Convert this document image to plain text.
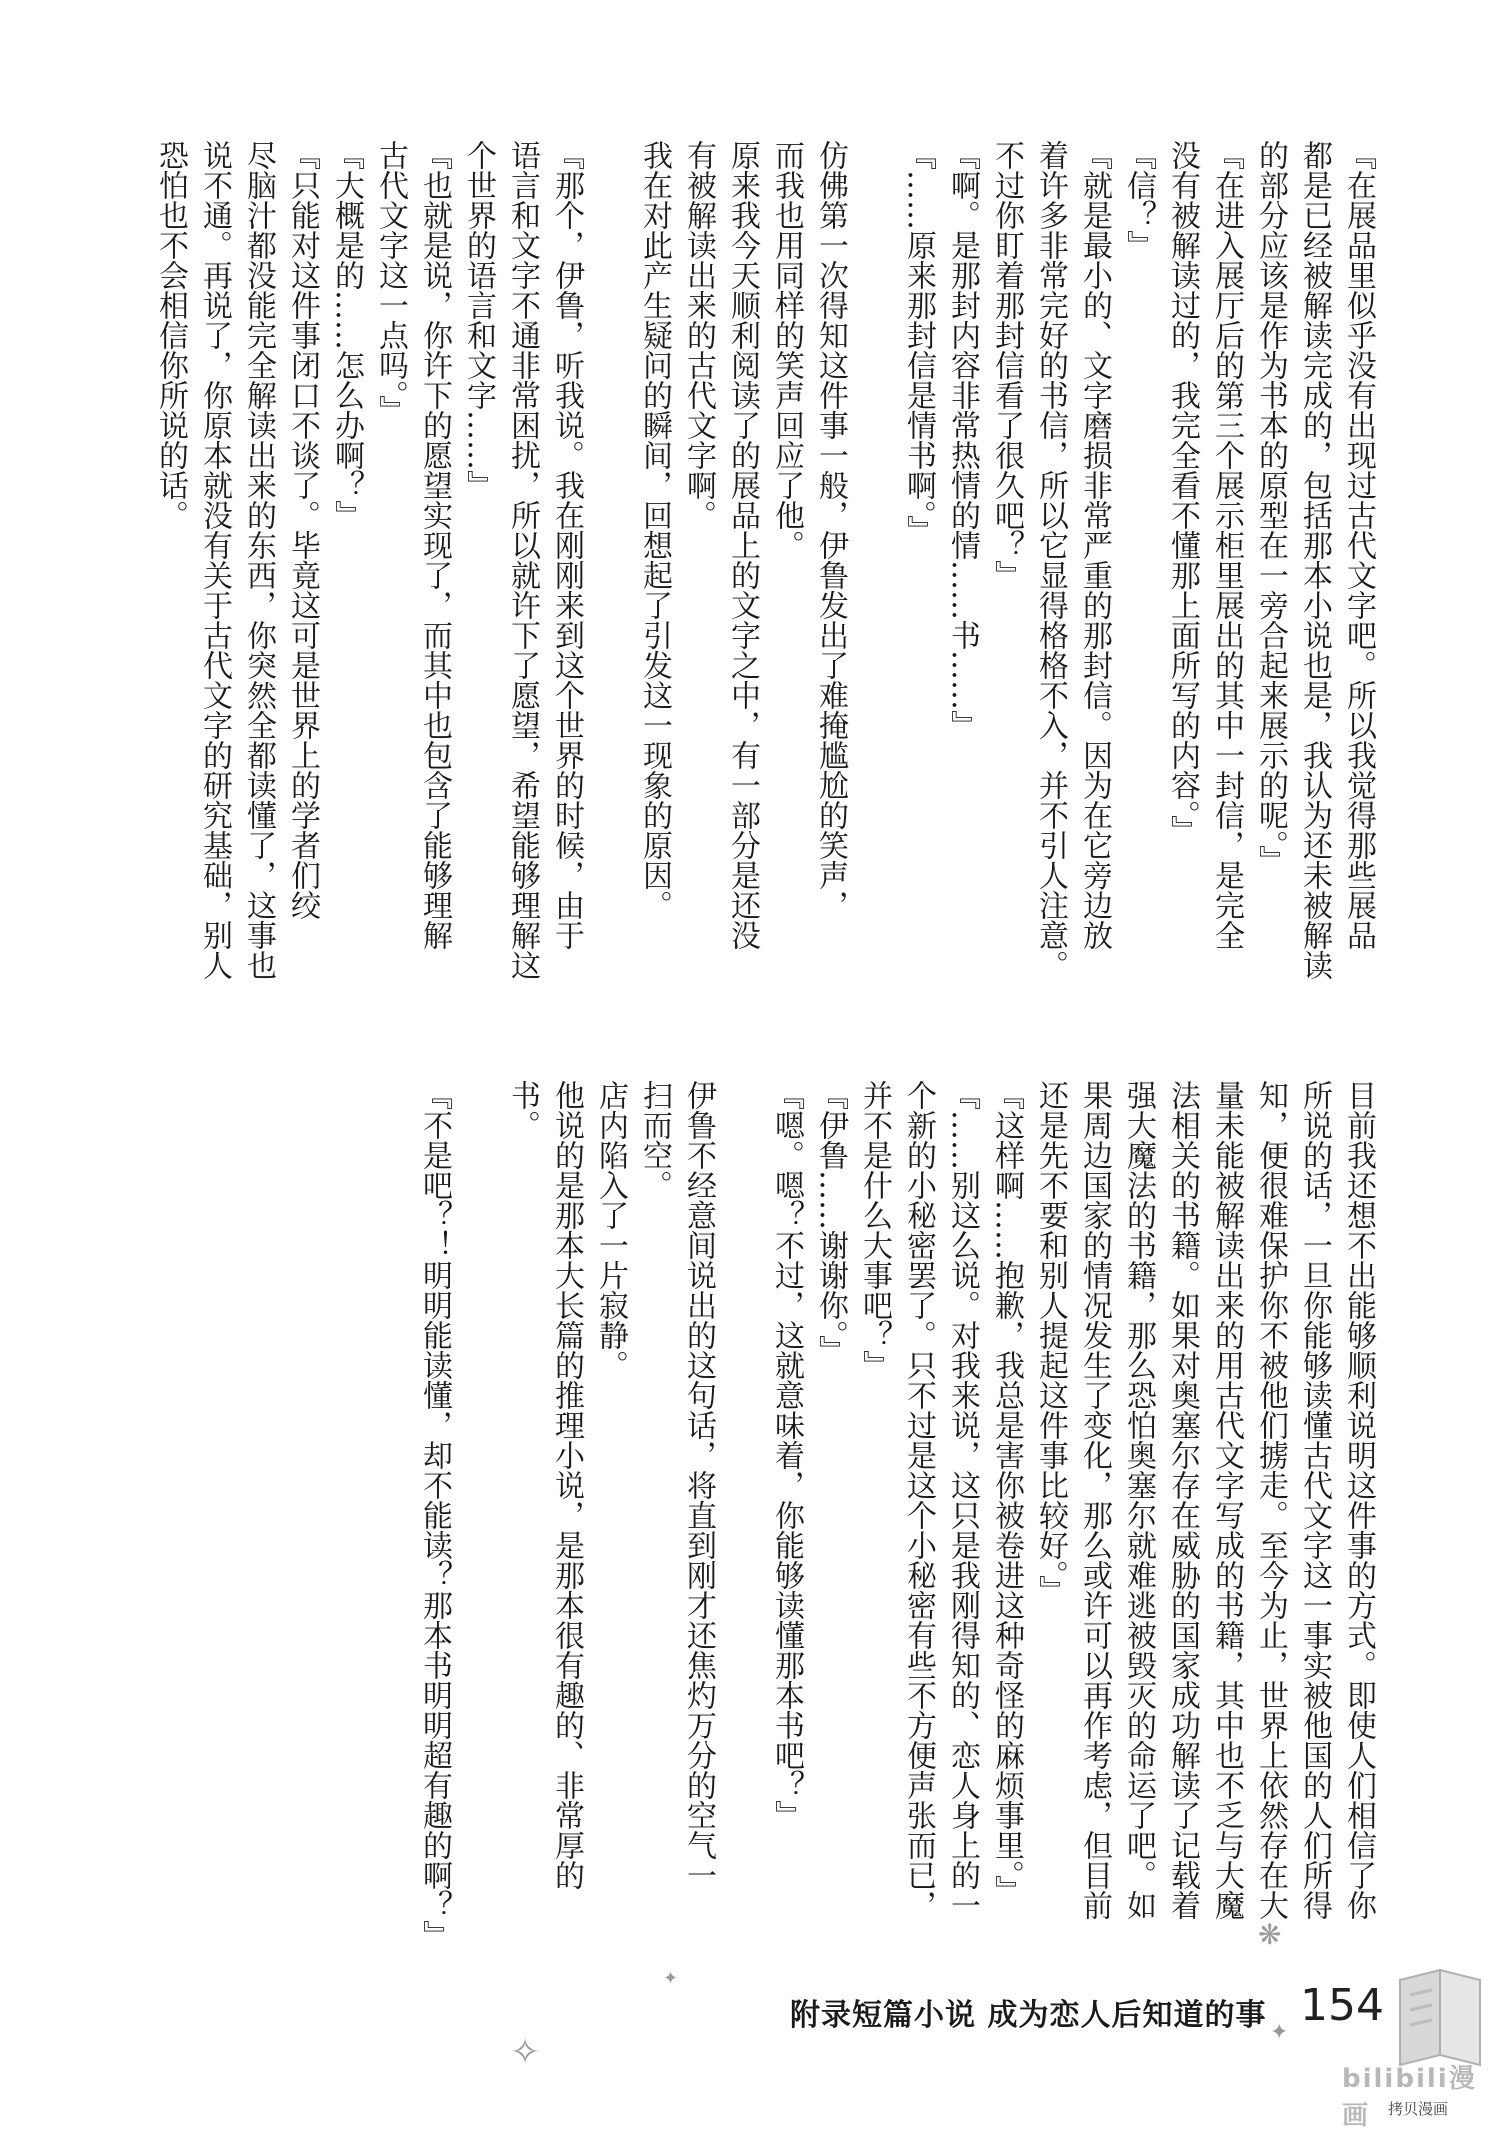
『在展品里似乎没有出现过古代文字吧。所以我觉得那些展品
都是已经被解读完成的，包括那本小说也是，我认为还未被解读
的部分应该是作为书本的原型在一旁合起来展示的呢。』
『在进入展厅后的第三个展示柜里展出的其中一封信，是完全
没有被解读过的，我完全看不懂那上面所写的内容。』
『信？』
『就是最小的、文字磨损非常严重的那封信。因为在它旁边放
着许多非常完好的书信，所以它显得格格不入，并不引人注意。
不过你盯着那封信看了很久吧？』
『啊。是那封内容非常热情的情……书……』
『……原来那封信是情书啊。』

仿佛第一次得知这件事一般，伊鲁发出了难掩尴尬的笑声，
而我也用同样的笑声回应了他。
原来我今天顺利阅读了的展品上的文字之中，有一部分是还没
有被解读出来的古代文字啊。
我在对此产生疑问的瞬间，回想起了引发这一现象的原因。

『那个，伊鲁，听我说。我在刚刚来到这个世界的时候，由于
语言和文字不通非常困扰，所以就许下了愿望，希望能够理解这
个世界的语言和文字……』
『也就是说，你许下的愿望实现了，而其中也包含了能够理解
古代文字这一点吗。』
『大概是的……怎么办啊？』
『只能对这件事闭口不谈了。毕竟这可是世界上的学者们绞
尽脑汁都没能完全解读出来的东西，你突然全都读懂了，这事也
说不通。再说了，你原本就没有关于古代文字的研究基础，别人
恐怕也不会相信你所说的话。
目前我还想不出能够顺利说明这件事的方式。即使人们相信了你
所说的话，一旦你能够读懂古代文字这一事实被他国的人们所得
知，便很难保护你不被他们掳走。至今为止，世界上依然存在大
量未能被解读出来的用古代文字写成的书籍，其中也不乏与大魔
法相关的书籍。如果对奥塞尔存在威胁的国家成功解读了记载着
强大魔法的书籍，那么恐怕奥塞尔就难逃被毁灭的命运了吧。如
果周边国家的情况发生了变化，那么或许可以再作考虑，但目前
还是先不要和别人提起这件事比较好。』
『这样啊……抱歉，我总是害你被卷进这种奇怪的麻烦事里。』
『……别这么说。对我来说，这只是我刚得知的、恋人身上的一
个新的小秘密罢了。只不过是这个小秘密有些不方便声张而已，
并不是什么大事吧？』
『伊鲁……谢谢你。』
『嗯。嗯？不过，这就意味着，你能够读懂那本书吧？』

伊鲁不经意间说出的这句话，将直到刚才还焦灼万分的空气一
扫而空。
店内陷入了一片寂静。
他说的是那本大长篇的推理小说，是那本很有趣的、非常厚的
书。

『不是吧？！明明能读懂，却不能读？那本书明明超有趣的啊？』
✦
✧
❋
✦
附录短篇小说 成为恋人后知道的事 154
bilibili漫画	拷贝漫画
